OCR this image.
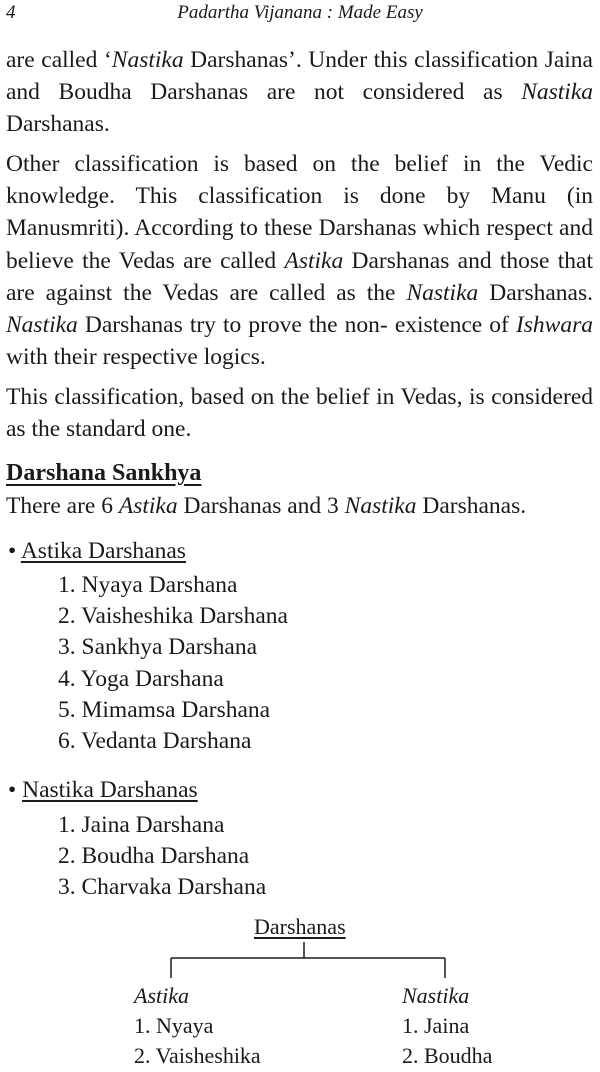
4	Padartha Vijanana : Made Easy

are called ‘Nastika Darshanas’. Under this classification Jaina and Boudha Darshanas are not considered as Nastika Darshanas.

Other classification is based on the belief in the Vedic knowledge. This classification is done by Manu (in Manusmriti). According to these Darshanas which respect and believe the Vedas are called Astika Darshanas and those that are against the Vedas are called as the Nastika Darshanas. Nastika Darshanas try to prove the non- existence of Ishwara with their respective logics.

This classification, based on the belief in Vedas, is considered as the standard one.

Darshana Sankhya

There are 6 Astika Darshanas and 3 Nastika Darshanas.

• Astika Darshanas
1. Nyaya Darshana
2. Vaisheshika Darshana
3. Sankhya Darshana
4. Yoga Darshana
5. Mimamsa Darshana
6. Vedanta Darshana
• Nastika Darshanas
1. Jaina Darshana
2. Boudha Darshana
3. Charvaka Darshana
Darshanas
Astika
1. Nyaya
2. Vaisheshika
Nastika
1. Jaina
2. Boudha
